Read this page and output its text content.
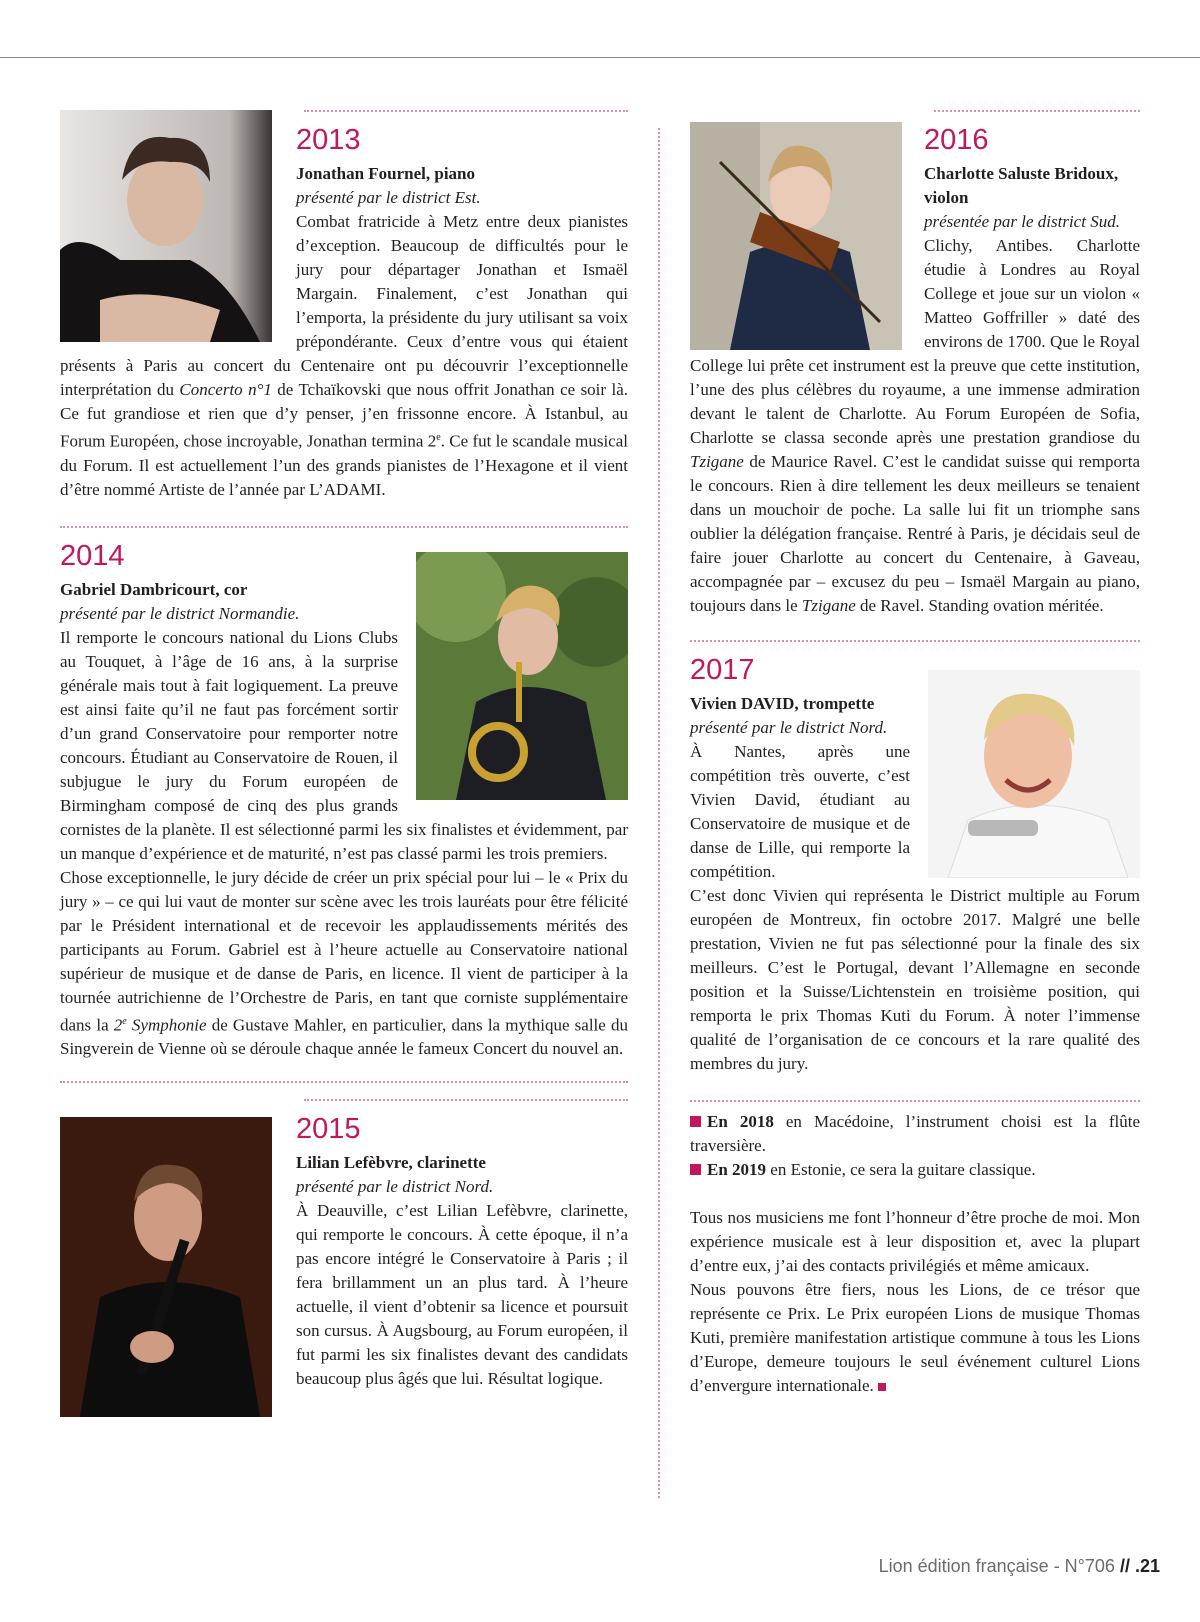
2013

Jonathan Fournel, piano

présenté par le district Est.

Combat fratricide à Metz entre deux pianistes d’exception. Beaucoup de difficultés pour le jury pour départager Jonathan et Ismaël Margain. Finalement, c’est Jonathan qui l’emporta, la présidente du jury utilisant sa voix prépondérante. Ceux d’entre vous qui étaient présents à Paris au concert du Centenaire ont pu découvrir l’exceptionnelle interprétation du Concerto n°1 de Tchaïkovski que nous offrit Jonathan ce soir là. Ce fut grandiose et rien que d’y penser, j’en frissonne encore. À Istanbul, au Forum Européen, chose incroyable, Jonathan termina 2e. Ce fut le scandale musical du Forum. Il est actuellement l’un des grands pianistes de l’Hexagone et il vient d’être nommé Artiste de l’année par L’ADAMI.

2014

Gabriel Dambricourt, cor

présenté par le district Normandie.

Il remporte le concours national du Lions Clubs au Touquet, à l’âge de 16 ans, à la surprise générale mais tout à fait logiquement. La preuve est ainsi faite qu’il ne faut pas forcément sortir d’un grand Conservatoire pour remporter notre concours. Étudiant au Conservatoire de Rouen, il subjugue le jury du Forum européen de Birmingham composé de cinq des plus grands cornistes de la planète. Il est sélectionné parmi les six finalistes et évidemment, par un manque d’expérience et de maturité, n’est pas classé parmi les trois premiers.

Chose exceptionnelle, le jury décide de créer un prix spécial pour lui – le « Prix du jury » – ce qui lui vaut de monter sur scène avec les trois lauréats pour être félicité par le Président international et de recevoir les applaudissements mérités des participants au Forum. Gabriel est à l’heure actuelle au Conservatoire national supérieur de musique et de danse de Paris, en licence. Il vient de participer à la tournée autrichienne de l’Orchestre de Paris, en tant que corniste supplémentaire dans la 2e Symphonie de Gustave Mahler, en particulier, dans la mythique salle du Singverein de Vienne où se déroule chaque année le fameux Concert du nouvel an.

2015

Lilian Lefèbvre, clarinette

présenté par le district Nord.

À Deauville, c’est Lilian Lefèbvre, clarinette, qui remporte le concours. À cette époque, il n’a pas encore intégré le Conservatoire à Paris ; il fera brillamment un an plus tard. À l’heure actuelle, il vient d’obtenir sa licence et poursuit son cursus. À Augsbourg, au Forum européen, il fut parmi les six finalistes devant des candidats beaucoup plus âgés que lui. Résultat logique.

2016

Charlotte Saluste Bridoux, violon

présentée par le district Sud.

Clichy, Antibes. Charlotte étudie à Londres au Royal College et joue sur un violon « Matteo Goffriller » daté des environs de 1700. Que le Royal College lui prête cet instrument est la preuve que cette institution, l’une des plus célèbres du royaume, a une immense admiration devant le talent de Charlotte. Au Forum Européen de Sofia, Charlotte se classa seconde après une prestation grandiose du Tzigane de Maurice Ravel. C’est le candidat suisse qui remporta le concours. Rien à dire tellement les deux meilleurs se tenaient dans un mouchoir de poche. La salle lui fit un triomphe sans oublier la délégation française. Rentré à Paris, je décidais seul de faire jouer Charlotte au concert du Centenaire, à Gaveau, accompagnée par – excusez du peu – Ismaël Margain au piano, toujours dans le Tzigane de Ravel. Standing ovation méritée.

2017

Vivien DAVID, trompette

présenté par le district Nord.

À Nantes, après une compétition très ouverte, c’est Vivien David, étudiant au Conservatoire de musique et de danse de Lille, qui remporte la compétition.

C’est donc Vivien qui représenta le District multiple au Forum européen de Montreux, fin octobre 2017. Malgré une belle prestation, Vivien ne fut pas sélectionné pour la finale des six meilleurs. C’est le Portugal, devant l’Allemagne en seconde position et la Suisse/Lichtenstein en troisième position, qui remporta le prix Thomas Kuti du Forum. À noter l’immense qualité de l’organisation de ce concours et la rare qualité des membres du jury.

En 2018 en Macédoine, l’instrument choisi est la flûte traversière.

En 2019 en Estonie, ce sera la guitare classique.

Tous nos musiciens me font l’honneur d’être proche de moi. Mon expérience musicale est à leur disposition et, avec la plupart d’entre eux, j’ai des contacts privilégiés et même amicaux.

Nous pouvons être fiers, nous les Lions, de ce trésor que représente ce Prix. Le Prix européen Lions de musique Thomas Kuti, première manifestation artistique commune à tous les Lions d’Europe, demeure toujours le seul événement culturel Lions d’envergure internationale.

Lion édition française - N°706 // .21
